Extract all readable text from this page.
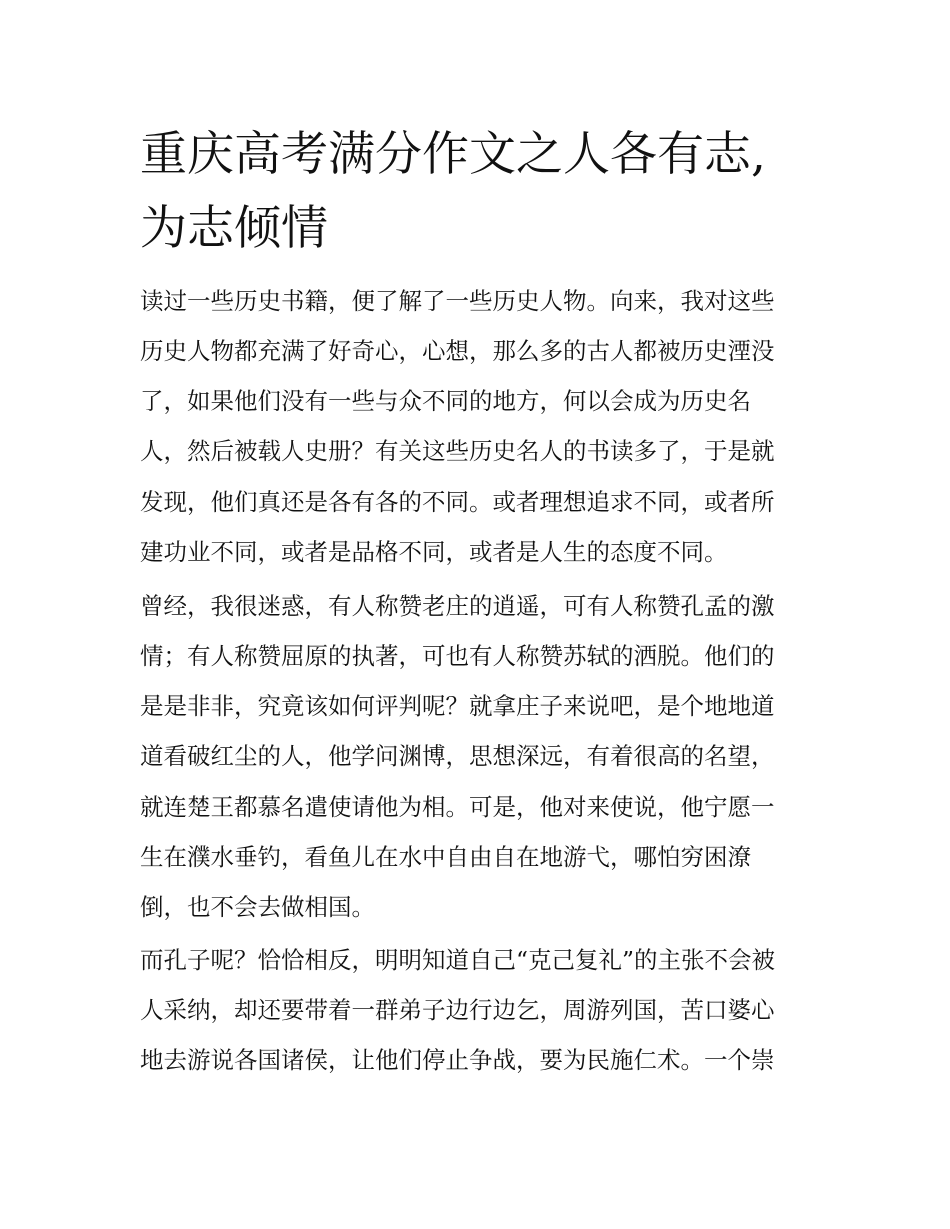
重庆高考满分作文之人各有志,
为志倾情

读过一些历史书籍，便了解了一些历史人物。向来，我对这些

历史人物都充满了好奇心，心想，那么多的古人都被历史湮没

了，如果他们没有一些与众不同的地方，何以会成为历史名

人，然后被载人史册？有关这些历史名人的书读多了，于是就

发现，他们真还是各有各的不同。或者理想追求不同，或者所

建功业不同，或者是品格不同，或者是人生的态度不同。

曾经，我很迷惑，有人称赞老庄的逍遥，可有人称赞孔孟的激

情；有人称赞屈原的执著，可也有人称赞苏轼的洒脱。他们的

是是非非，究竟该如何评判呢？就拿庄子来说吧，是个地地道

道看破红尘的人，他学问渊博，思想深远，有着很高的名望，

就连楚王都慕名遣使请他为相。可是，他对来使说，他宁愿一

生在濮水垂钓，看鱼儿在水中自由自在地游弋，哪怕穷困潦

倒，也不会去做相国。

而孔子呢？恰恰相反，明明知道自己“克己复礼”的主张不会被

人采纳，却还要带着一群弟子边行边乞，周游列国，苦口婆心

地去游说各国诸侯，让他们停止争战，要为民施仁术。一个崇
